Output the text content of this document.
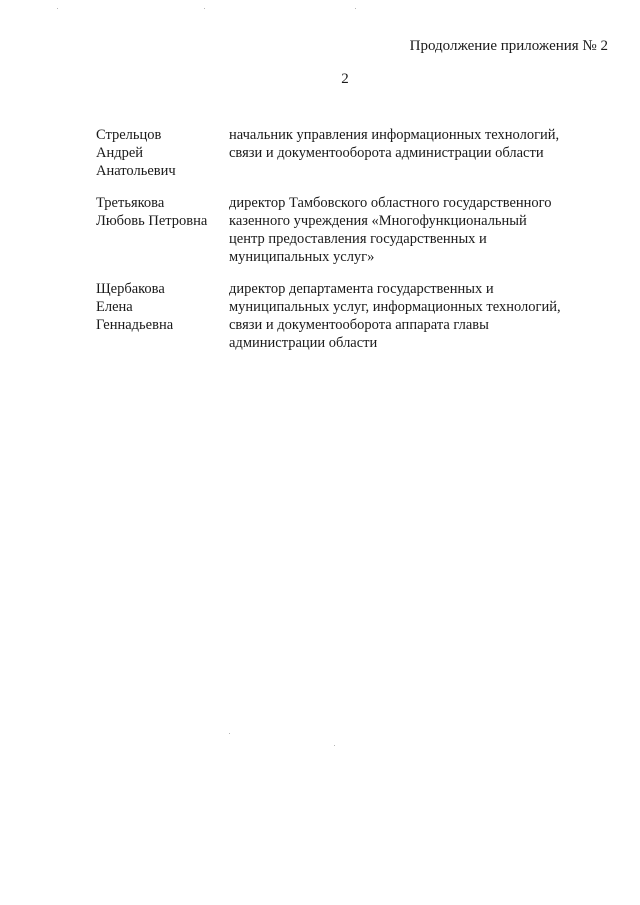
Продолжение приложения № 2
2
Стрельцов
Андрей
Анатольевич
начальник управления информационных технологий,
связи и документооборота администрации области
Третьякова
Любовь Петровна
директор Тамбовского областного государственного
казенного учреждения «Многофункциональный
центр предоставления государственных и
муниципальных услуг»
Щербакова
Елена
Геннадьевна
директор департамента государственных и
муниципальных услуг, информационных технологий,
связи и документооборота аппарата главы
администрации области
